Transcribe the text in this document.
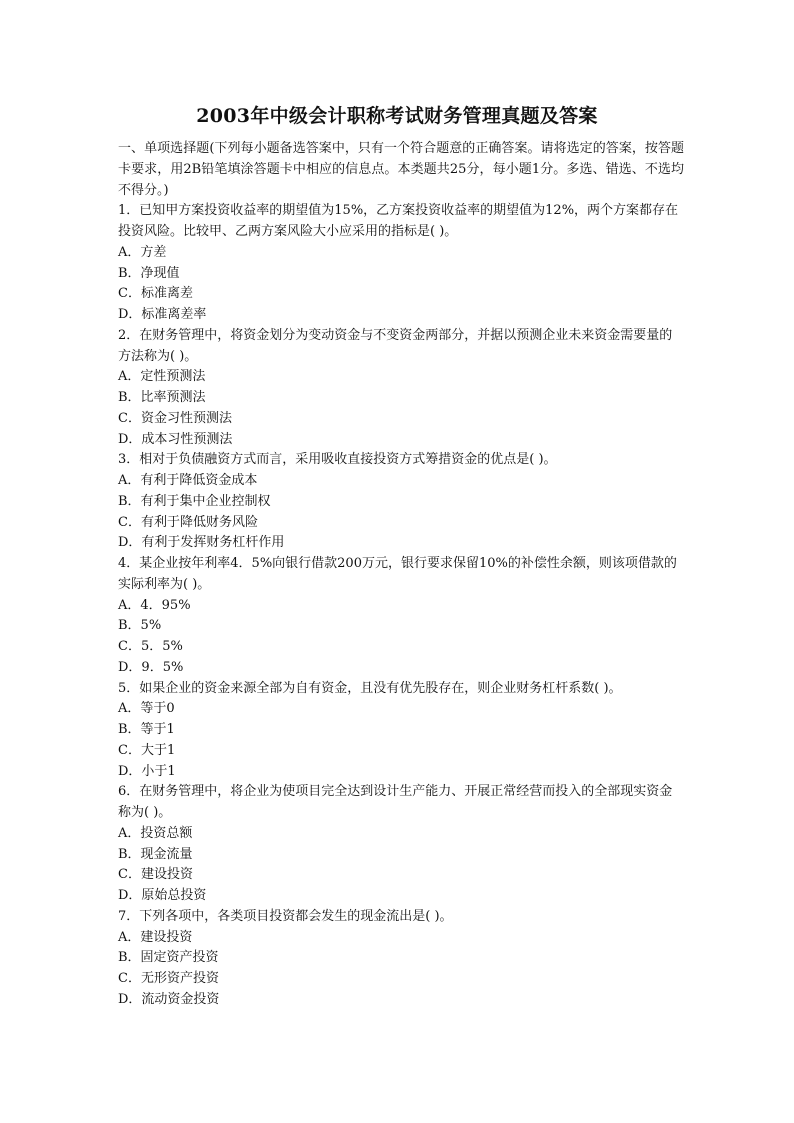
2003年中级会计职称考试财务管理真题及答案

一、单项选择题(下列每小题备选答案中，只有一个符合题意的正确答案。请将选定的答案，按答题卡要求，用2B铅笔填涂答题卡中相应的信息点。本类题共25分，每小题1分。多选、错选、不选均不得分。)

1．已知甲方案投资收益率的期望值为15%，乙方案投资收益率的期望值为12%，两个方案都存在投资风险。比较甲、乙两方案风险大小应采用的指标是( )。

A．方差

B．净现值

C．标准离差

D．标准离差率

2．在财务管理中，将资金划分为变动资金与不变资金两部分，并据以预测企业未来资金需要量的方法称为( )。

A．定性预测法

B．比率预测法

C．资金习性预测法

D．成本习性预测法

3．相对于负债融资方式而言，采用吸收直接投资方式筹措资金的优点是( )。

A．有利于降低资金成本

B．有利于集中企业控制权

C．有利于降低财务风险

D．有利于发挥财务杠杆作用

4．某企业按年利率4．5%向银行借款200万元，银行要求保留10%的补偿性余额，则该项借款的实际利率为( )。

A．4．95%

B．5%

C．5．5%

D．9．5%

5．如果企业的资金来源全部为自有资金，且没有优先股存在，则企业财务杠杆系数( )。

A．等于0

B．等于1

C．大于1

D．小于1

6．在财务管理中，将企业为使项目完全达到设计生产能力、开展正常经营而投入的全部现实资金称为( )。

A．投资总额

B．现金流量

C．建设投资

D．原始总投资

7．下列各项中，各类项目投资都会发生的现金流出是( )。

A．建设投资

B．固定资产投资

C．无形资产投资

D．流动资金投资
